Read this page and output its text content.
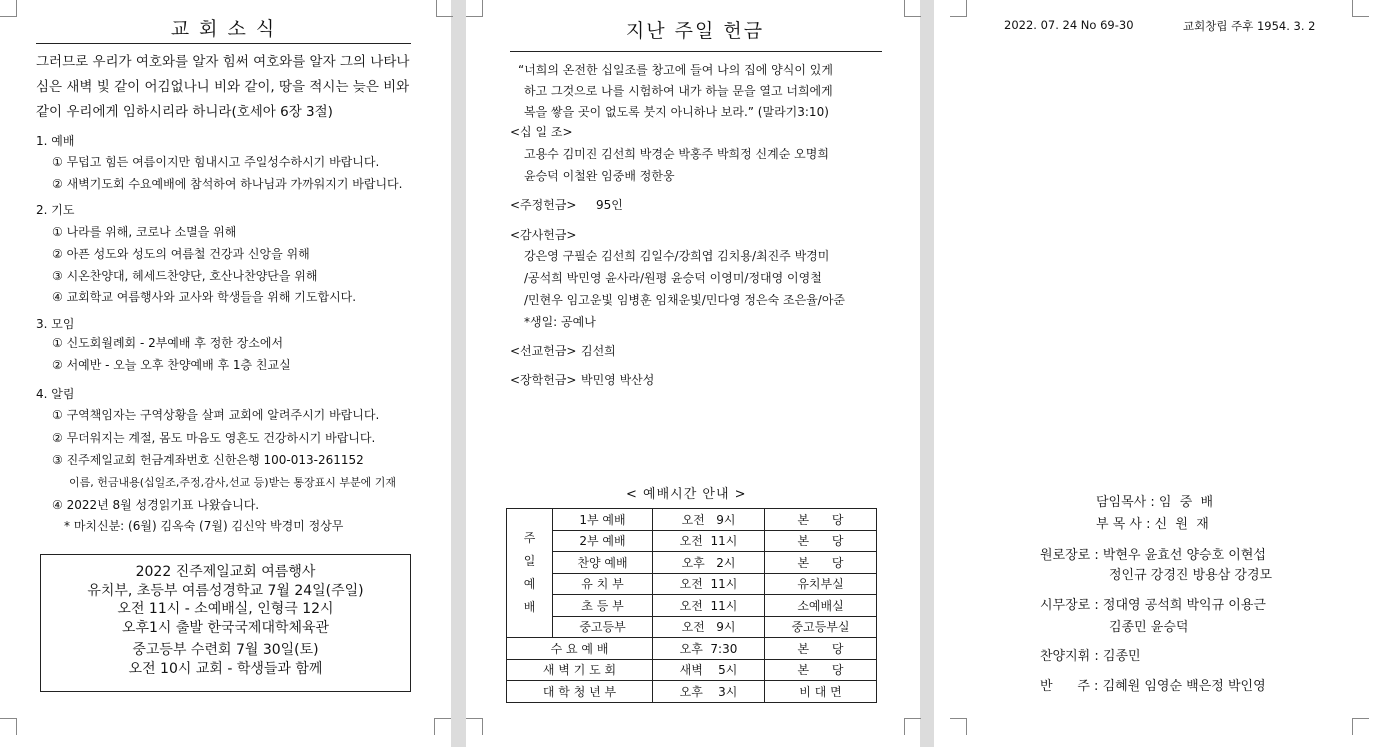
교 회 소 식
그러므로 우리가 여호와를 알자 힘써 여호와를 알자 그의 나타나심은 새벽 빛 같이 어김없나니 비와 같이, 땅을 적시는 늦은 비와 같이 우리에게 임하시리라 하니라(호세아 6장 3절)
1. 예배
① 무덥고 힘든 여름이지만 힘내시고 주일성수하시기 바랍니다.
② 새벽기도회 수요예배에 참석하여 하나님과 가까워지기 바랍니다.
2. 기도
① 나라를 위해, 코로나 소멸을 위해
② 아픈 성도와 성도의 여름철 건강과 신앙을 위해
③ 시온찬양대, 헤세드찬양단, 호산나찬양단을 위해
④ 교회학교 여름행사와 교사와 학생들을 위해 기도합시다.
3. 모임
① 신도회월례회 - 2부예배 후 정한 장소에서
② 서예반 - 오늘 오후 찬양예배 후 1층 친교실
4. 알림
① 구역책임자는 구역상황을 살펴 교회에 알려주시기 바랍니다.
② 무더워지는 계절, 몸도 마음도 영혼도 건강하시기 바랍니다.
③ 진주제일교회 헌금계좌번호 신한은행 100-013-261152
이름, 헌금내용(십일조,주정,감사,선교 등)받는 통장표시 부분에 기재
④ 2022년 8월 성경읽기표 나왔습니다.
* 마치신분: (6월) 김옥숙 (7월) 김신악 박경미 정상무
2022 진주제일교회 여름행사
유치부, 초등부 여름성경학교 7월 24일(주일)
오전 11시 - 소예배실, 인형극 12시
오후1시 출발 한국국제대학체육관
중고등부 수련회 7월 30일(토)
오전 10시 교회 - 학생들과 함께
지난 주일 헌금
“너희의 온전한 십일조를 창고에 들여 나의 집에 양식이 있게
하고 그것으로 나를 시험하여 내가 하늘 문을 열고 너희에게
복을 쌓을 곳이 없도록 붓지 아니하나 보라.” (말라기3:10)
<십 일 조>
고용수 김미진 김선희 박경순 박홍주 박희정 신계순 오명희
윤승덕 이철완 임중배 정한웅
<주정헌금> 95인
<감사헌금>
강은영 구필순 김선희 김일수/강희엽 김치용/최진주 박경미
/공석희 박민영 윤사라/원평 윤승덕 이영미/정대영 이영철
/민현우 임고운빛 임병훈 임채운빛/민다영 정은숙 조은율/아준
*생일: 공예나
<선교헌금> 김선희
<장학헌금> 박민영 박산성
< 예배시간 안내 >
주
일
예
배	1부 예배	오전   9시	본      당
	2부 예배	오전  11시	본      당
	찬양 예배	오후   2시	본      당
	유 치 부	오전  11시	유치부실
	초 등 부	오전  11시	소예배실
	중고등부	오전   9시	중고등부실
수 요 예 배		오후  7:30	본      당
새 벽 기 도 회		새벽    5시	본      당
대 학 청 년 부		오후    3시	비 대 면
2022. 07. 24 No 69-30	교회창립 주후 1954. 3. 2
담임목사 : 임  중  배
부 목 사 : 신  원  재
원로장로 : 박현우 윤효선 양승호 이현섭
정인규 강경진 방용삼 강경모
시무장로 : 정대영 공석희 박익규 이용근
김종민 윤승덕
찬양지휘 : 김종민
반      주 : 김혜원 임영순 백은정 박인영
